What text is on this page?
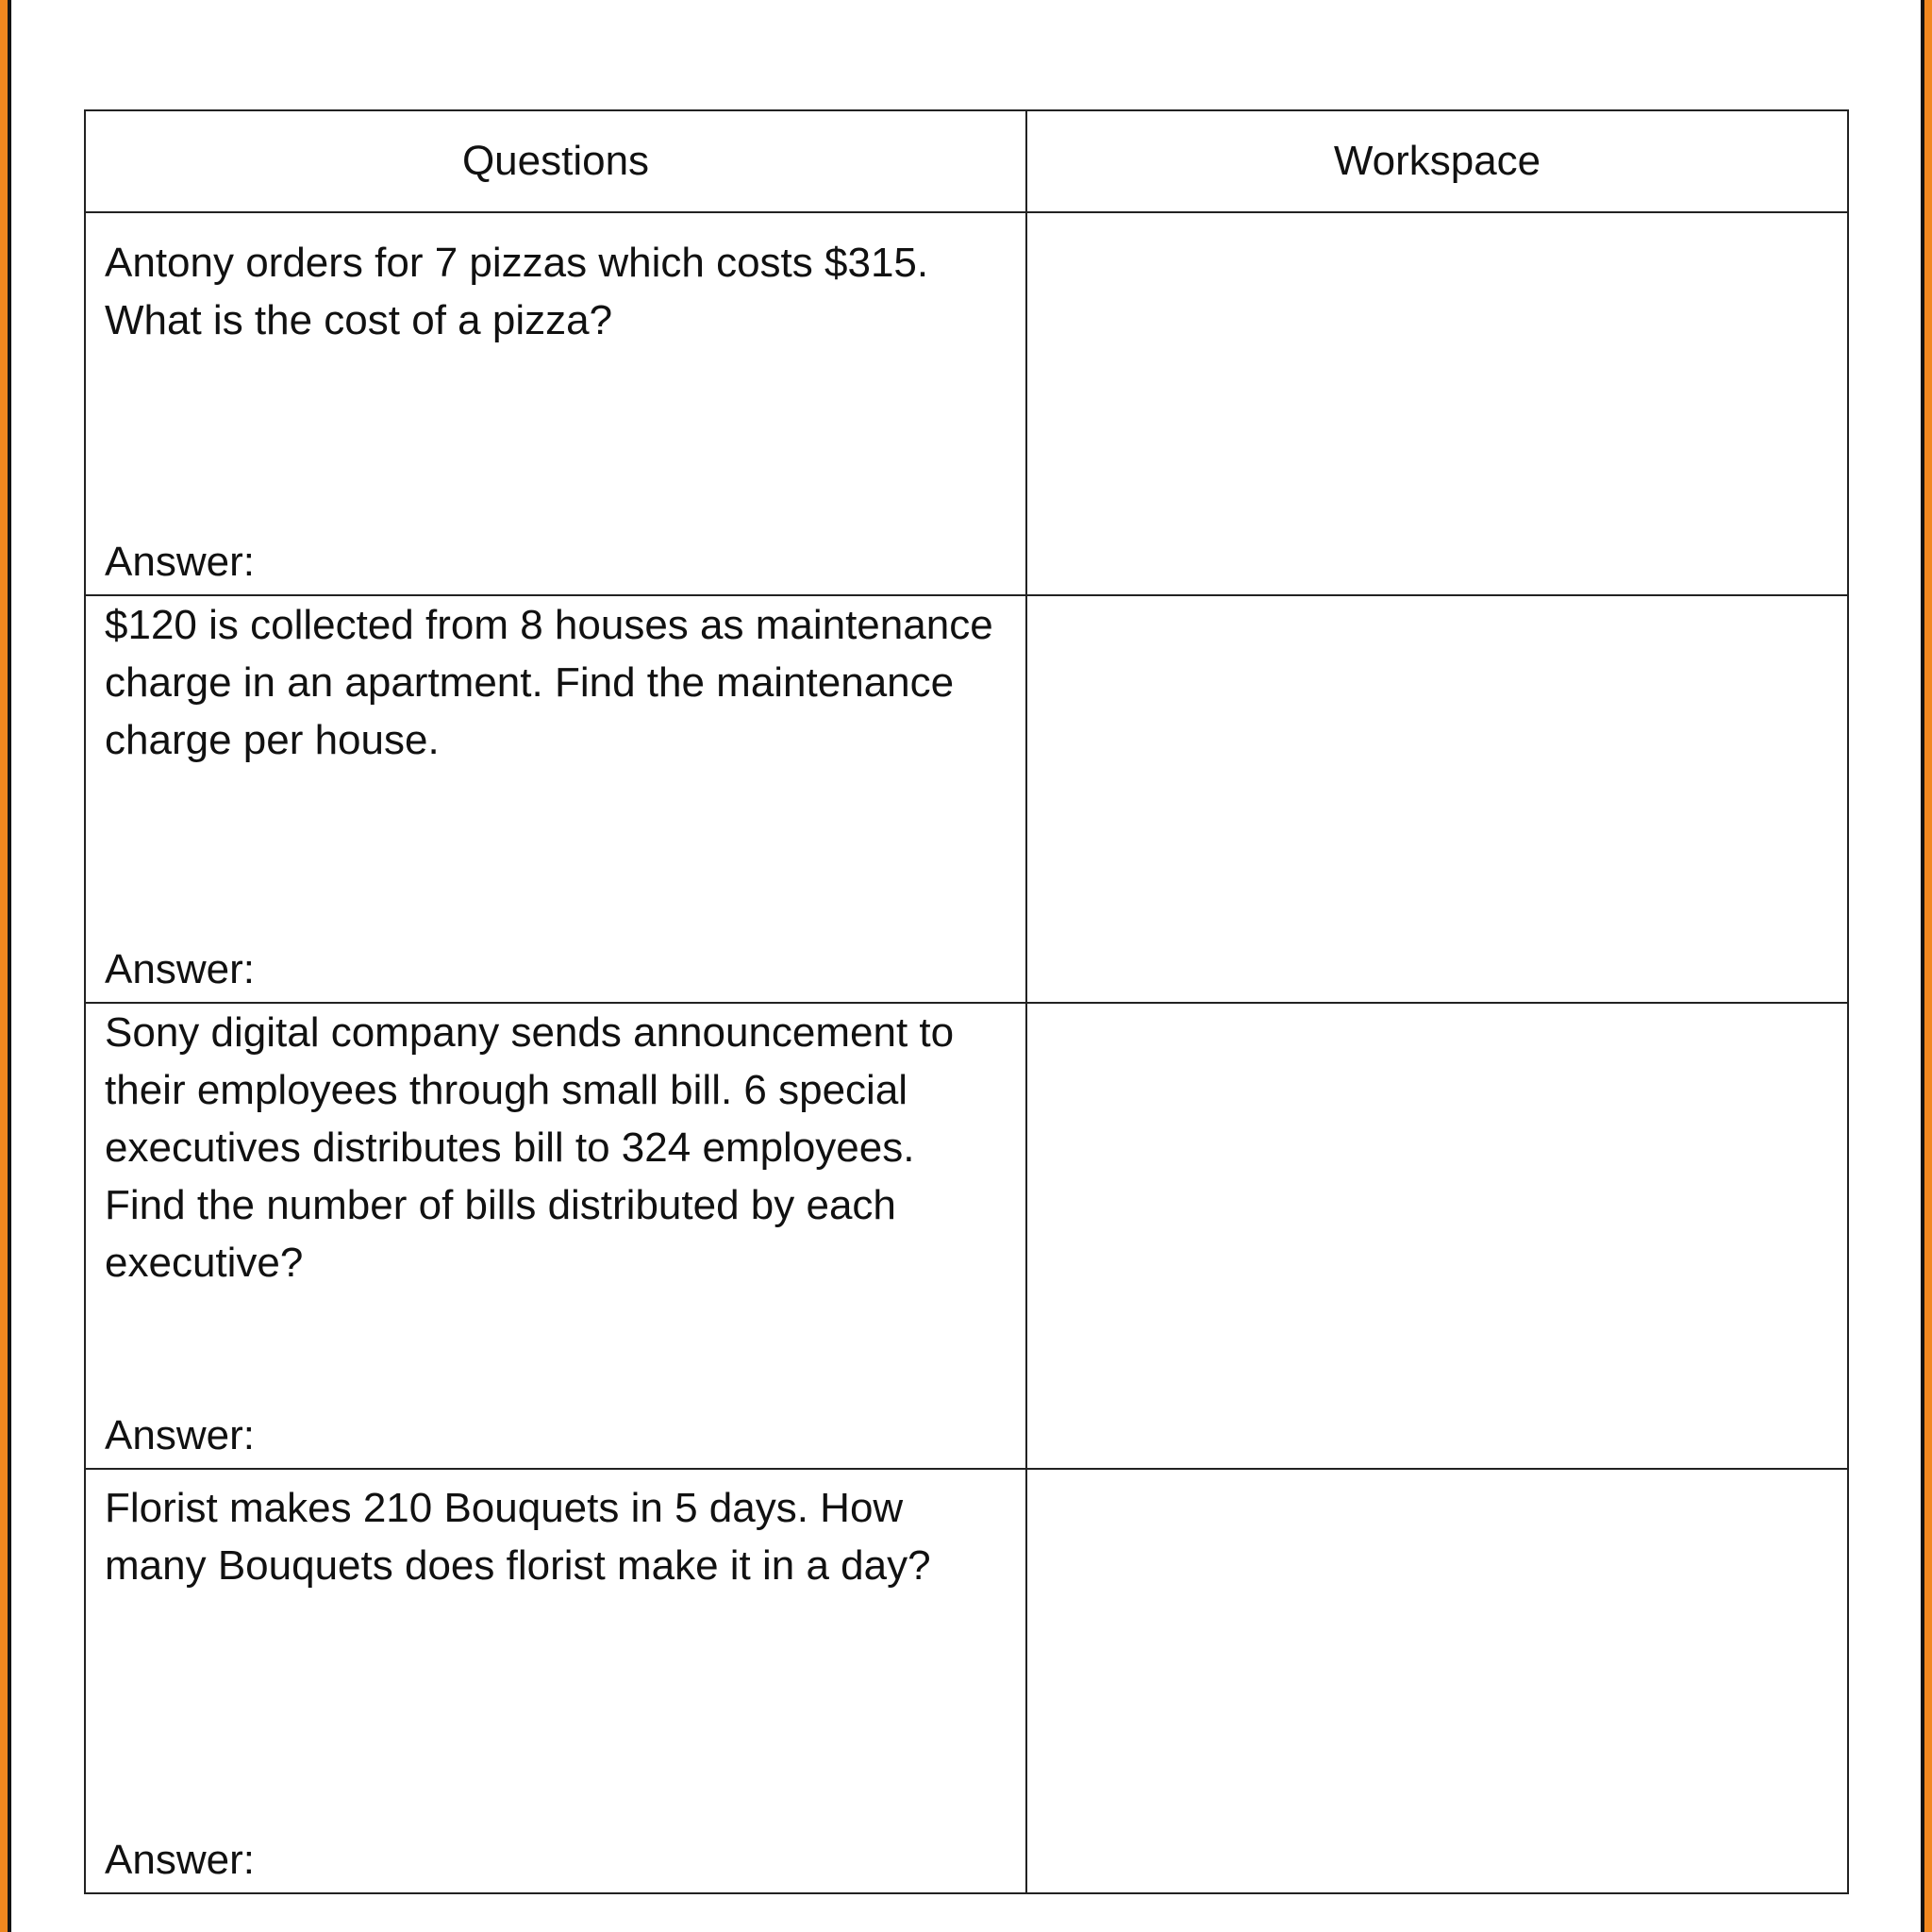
Questions	Workspace

Antony orders for 7 pizzas which costs $315. What is the cost of a pizza?

Answer:

$120 is collected from 8 houses as maintenance charge in an apartment. Find the maintenance charge per house.

Answer:

Sony digital company sends announcement to their employees through small bill. 6 special executives distributes bill to 324 employees. Find the number of bills distributed by each executive?

Answer:

Florist makes 210 Bouquets in 5 days. How many Bouquets does florist make it in a day?

Answer:
